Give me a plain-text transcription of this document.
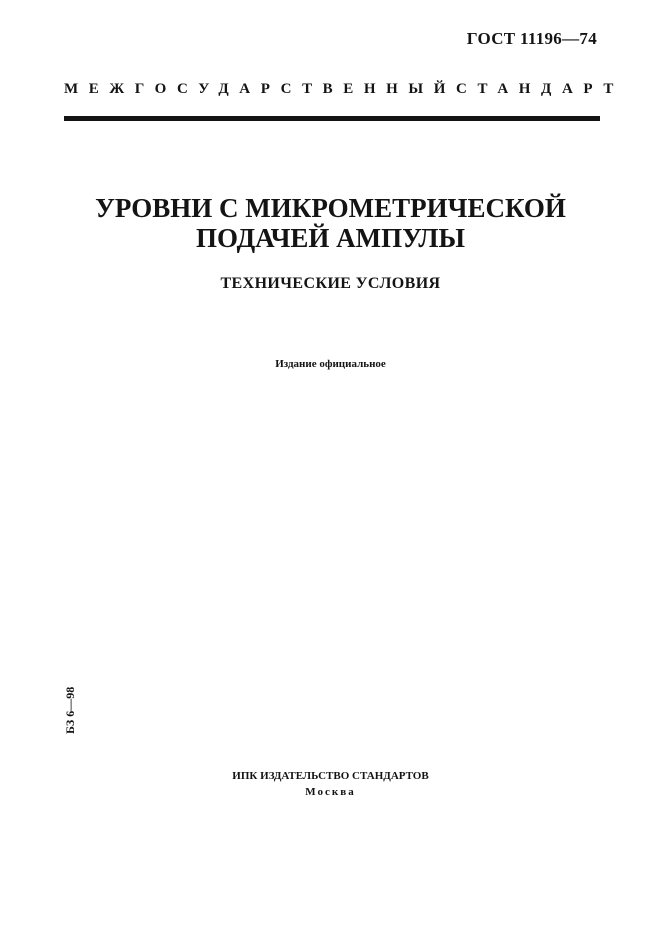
ГОСТ 11196—74
МЕЖГОСУДАРСТВЕННЫЙ СТАНДАРТ
УРОВНИ С МИКРОМЕТРИЧЕСКОЙ
ПОДАЧЕЙ АМПУЛЫ
ТЕХНИЧЕСКИЕ УСЛОВИЯ
Издание официальное
БЗ 6—98
ИПК ИЗДАТЕЛЬСТВО СТАНДАРТОВ
Москва
